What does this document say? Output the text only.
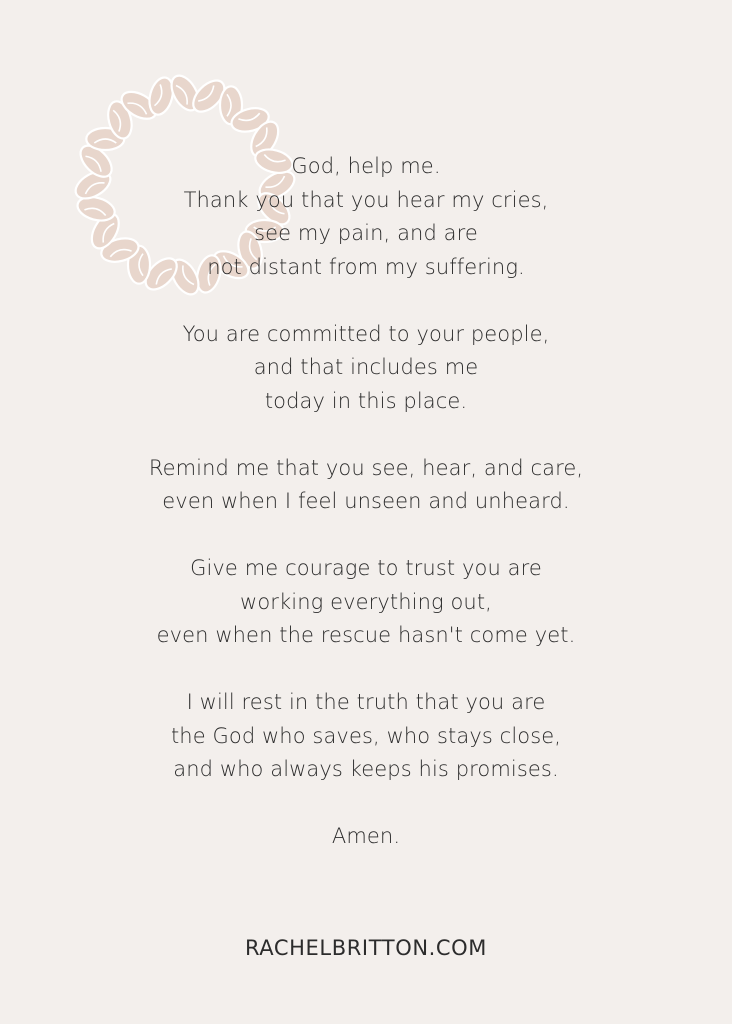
God, help me.
Thank you that you hear my cries,
see my pain, and are
not distant from my suffering.
You are committed to your people,
and that includes me
today in this place.
Remind me that you see, hear, and care,
even when I feel unseen and unheard.
Give me courage to trust you are
working everything out,
even when the rescue hasn't come yet.
I will rest in the truth that you are
the God who saves, who stays close,
and who always keeps his promises.
Amen.
RACHELBRITTON.COM
